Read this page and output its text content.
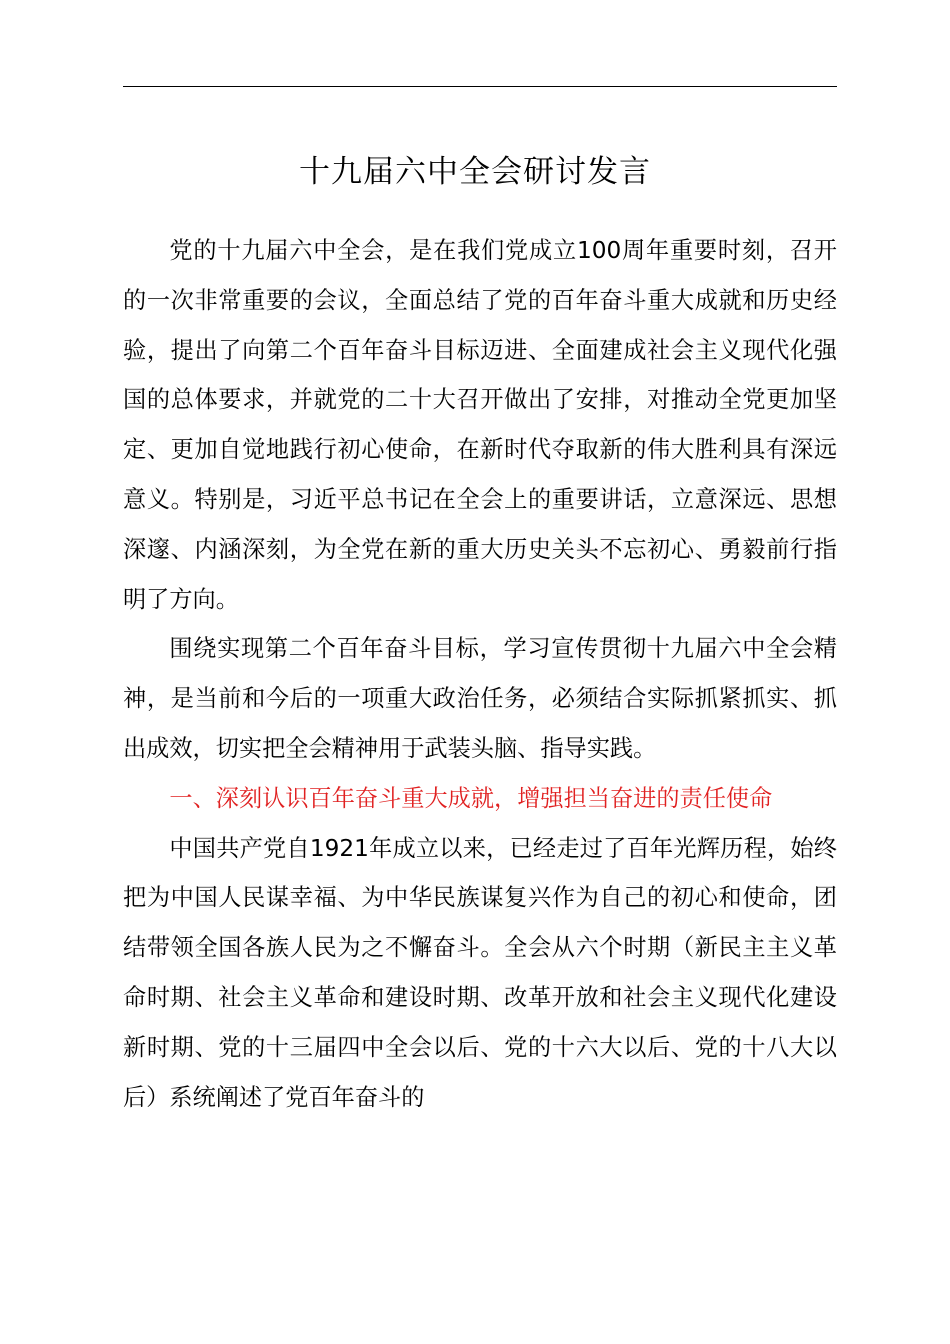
十九届六中全会研讨发言

党的十九届六中全会，是在我们党成立100周年重要时刻，召开的一次非常重要的会议，全面总结了党的百年奋斗重大成就和历史经验，提出了向第二个百年奋斗目标迈进、全面建成社会主义现代化强国的总体要求，并就党的二十大召开做出了安排，对推动全党更加坚定、更加自觉地践行初心使命，在新时代夺取新的伟大胜利具有深远意义。特别是，习近平总书记在全会上的重要讲话，立意深远、思想深邃、内涵深刻，为全党在新的重大历史关头不忘初心、勇毅前行指明了方向。

围绕实现第二个百年奋斗目标，学习宣传贯彻十九届六中全会精神，是当前和今后的一项重大政治任务，必须结合实际抓紧抓实、抓出成效，切实把全会精神用于武装头脑、指导实践。

一、深刻认识百年奋斗重大成就，增强担当奋进的责任使命

中国共产党自1921年成立以来，已经走过了百年光辉历程，始终把为中国人民谋幸福、为中华民族谋复兴作为自己的初心和使命，团结带领全国各族人民为之不懈奋斗。全会从六个时期（新民主主义革命时期、社会主义革命和建设时期、改革开放和社会主义现代化建设新时期、党的十三届四中全会以后、党的十六大以后、党的十八大以后）系统阐述了党百年奋斗的
